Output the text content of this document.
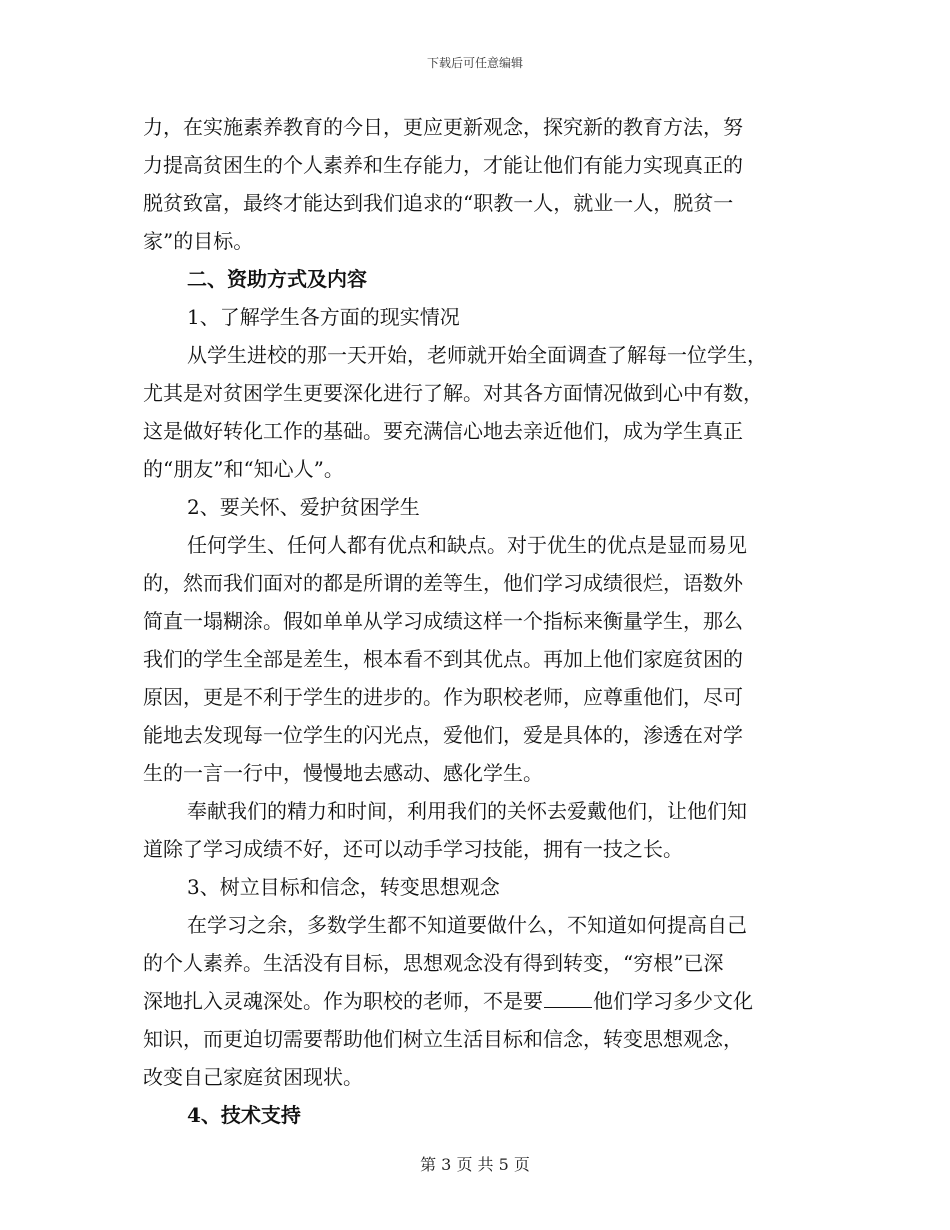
下载后可任意编辑
力，在实施素养教育的今日，更应更新观念，探究新的教育方法，努
力提高贫困生的个人素养和生存能力，才能让他们有能力实现真正的
脱贫致富，最终才能达到我们追求的“职教一人，就业一人，脱贫一
家”的目标。
二、资助方式及内容
1、了解学生各方面的现实情况
从学生进校的那一天开始，老师就开始全面调查了解每一位学生，
尤其是对贫困学生更要深化进行了解。对其各方面情况做到心中有数，
这是做好转化工作的基础。要充满信心地去亲近他们，成为学生真正
的“朋友”和“知心人”。
2、要关怀、爱护贫困学生
任何学生、任何人都有优点和缺点。对于优生的优点是显而易见
的，然而我们面对的都是所谓的差等生，他们学习成绩很烂，语数外
简直一塌糊涂。假如单单从学习成绩这样一个指标来衡量学生，那么
我们的学生全部是差生，根本看不到其优点。再加上他们家庭贫困的
原因，更是不利于学生的进步的。作为职校老师，应尊重他们，尽可
能地去发现每一位学生的闪光点，爱他们，爱是具体的，渗透在对学
生的一言一行中，慢慢地去感动、感化学生。
奉献我们的精力和时间，利用我们的关怀去爱戴他们，让他们知
道除了学习成绩不好，还可以动手学习技能，拥有一技之长。
3、树立目标和信念，转变思想观念
在学习之余，多数学生都不知道要做什么，不知道如何提高自己
的个人素养。生活没有目标，思想观念没有得到转变，“穷根”已深
深地扎入灵魂深处。作为职校的老师，不是要	他们学习多少文化
知识，而更迫切需要帮助他们树立生活目标和信念，转变思想观念，
改变自己家庭贫困现状。
4、技术支持
第 3 页 共 5 页
